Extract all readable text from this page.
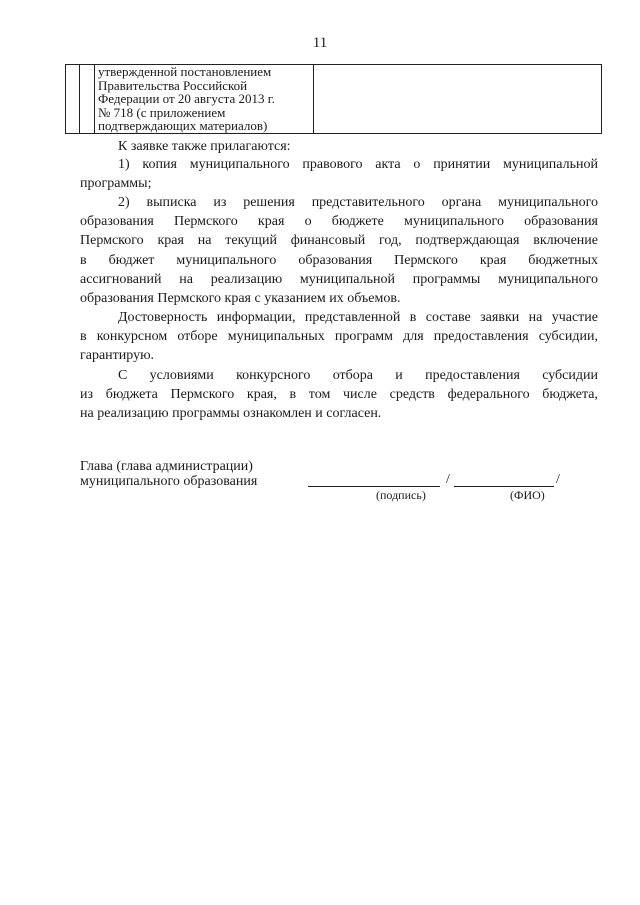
11

утвержденной постановлением
Правительства Российской
Федерации от 20 августа 2013 г.
№ 718 (с приложением
подтверждающих материалов)

К заявке также прилагаются:

1) копия муниципального правового акта о принятии муниципальной
программы;

2) выписка из решения представительного органа муниципального
образования Пермского края о бюджете муниципального образования
Пермского края на текущий финансовый год, подтверждающая включение
в бюджет муниципального образования Пермского края бюджетных
ассигнований на реализацию муниципальной программы муниципального
образования Пермского края с указанием их объемов.

Достоверность информации, представленной в составе заявки на участие
в конкурсном отборе муниципальных программ для предоставления субсидии,
гарантирую.

С условиями конкурсного отбора и предоставления субсидии
из бюджета Пермского края, в том числе средств федерального бюджета,
на реализацию программы ознакомлен и согласен.

Глава (глава администрации)
муниципального образования	/	/
(подпись)	(ФИО)
